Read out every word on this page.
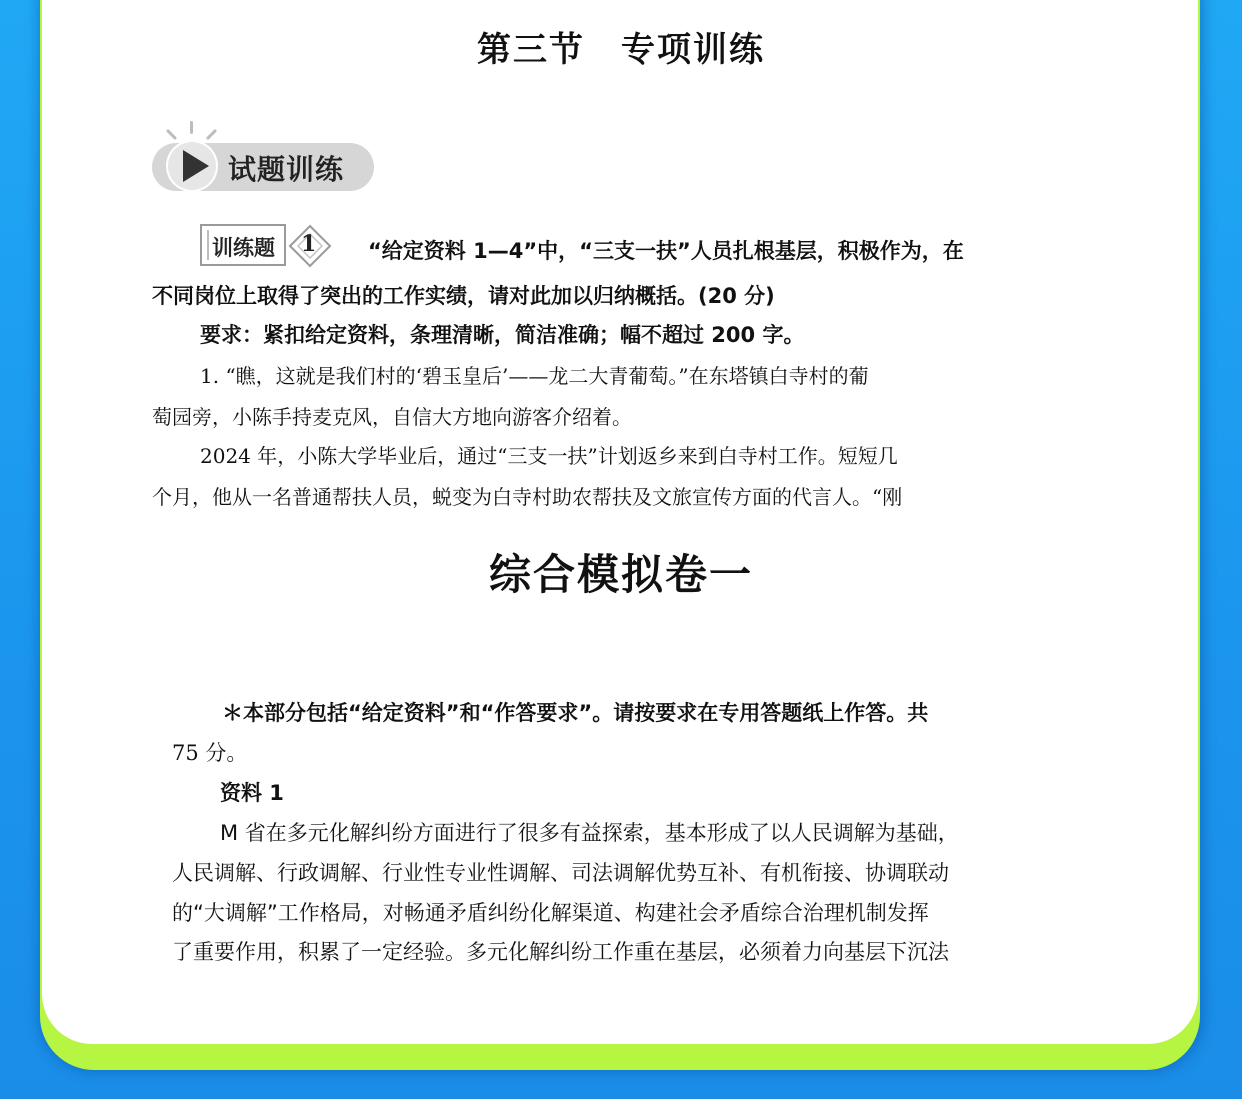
第三节 专项训练
试题训练
训练题 1 “给定资料 1—4”中，“三支一扶”人员扎根基层，积极作为，在
不同岗位上取得了突出的工作实绩，请对此加以归纳概括。(20 分)
要求：紧扣给定资料，条理清晰，简洁准确；幅不超过 200 字。
1. “瞧，这就是我们村的‘碧玉皇后’——龙二大青葡萄。”在东塔镇白寺村的葡
萄园旁，小陈手持麦克风，自信大方地向游客介绍着。
2024 年，小陈大学毕业后，通过“三支一扶”计划返乡来到白寺村工作。短短几
个月，他从一名普通帮扶人员，蜕变为白寺村助农帮扶及文旅宣传方面的代言人。“刚
综合模拟卷一
＊本部分包括“给定资料”和“作答要求”。请按要求在专用答题纸上作答。共
75 分。
资料 1
M 省在多元化解纠纷方面进行了很多有益探索，基本形成了以人民调解为基础，
人民调解、行政调解、行业性专业性调解、司法调解优势互补、有机衔接、协调联动
的“大调解”工作格局，对畅通矛盾纠纷化解渠道、构建社会矛盾综合治理机制发挥
了重要作用，积累了一定经验。多元化解纠纷工作重在基层，必须着力向基层下沉法
